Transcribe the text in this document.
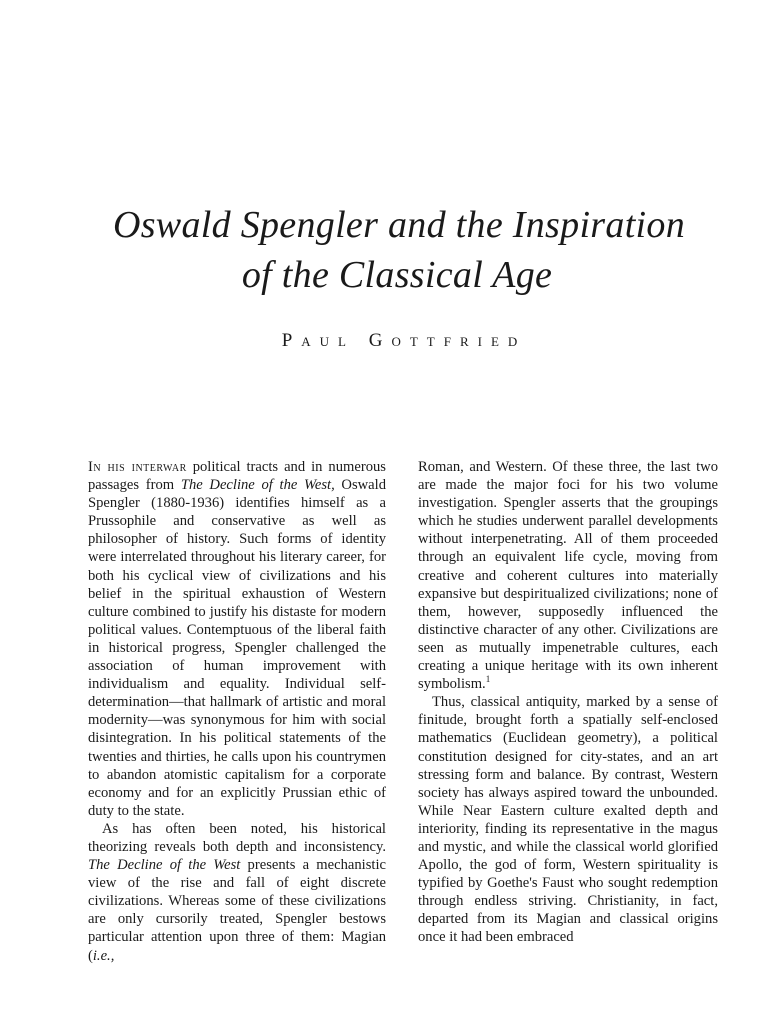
Oswald Spengler and the Inspiration
of the Classical Age
Paul Gottfried

In his interwar political tracts and in numerous passages from The Decline of the West, Oswald Spengler (1880-1936) identifies himself as a Prussophile and conservative as well as philosopher of history. Such forms of identity were interrelated throughout his literary career, for both his cyclical view of civilizations and his belief in the spiritual exhaustion of Western culture combined to justify his distaste for modern political values. Contemptuous of the liberal faith in historical progress, Spengler challenged the association of human improvement with individualism and equality. Individual self-determination—that hallmark of artistic and moral modernity—was synonymous for him with social disintegration. In his political statements of the twenties and thirties, he calls upon his countrymen to abandon atomistic capitalism for a corporate economy and for an explicitly Prussian ethic of duty to the state.

As has often been noted, his historical theorizing reveals both depth and inconsistency. The Decline of the West presents a mechanistic view of the rise and fall of eight discrete civilizations. Whereas some of these civilizations are only cursorily treated, Spengler bestows particular attention upon three of them: Magian (i.e.,

Roman, and Western. Of these three, the last two are made the major foci for his two volume investigation. Spengler asserts that the groupings which he studies underwent parallel developments without interpenetrating. All of them proceeded through an equivalent life cycle, moving from creative and coherent cultures into materially expansive but despiritualized civilizations; none of them, however, supposedly influenced the distinctive character of any other. Civilizations are seen as mutually impenetrable cultures, each creating a unique heritage with its own inherent symbolism.$^1$

Thus, classical antiquity, marked by a sense of finitude, brought forth a spatially self-enclosed mathematics (Euclidean geometry), a political constitution designed for city-states, and an art stressing form and balance. By contrast, Western society has always aspired toward the unbounded. While Near Eastern culture exalted depth and interiority, finding its representative in the magus and mystic, and while the classical world glorified Apollo, the god of form, Western spirituality is typified by Goethe's Faust who sought redemption through endless striving. Christianity, in fact, departed from its Magian and classical origins once it had been embraced
